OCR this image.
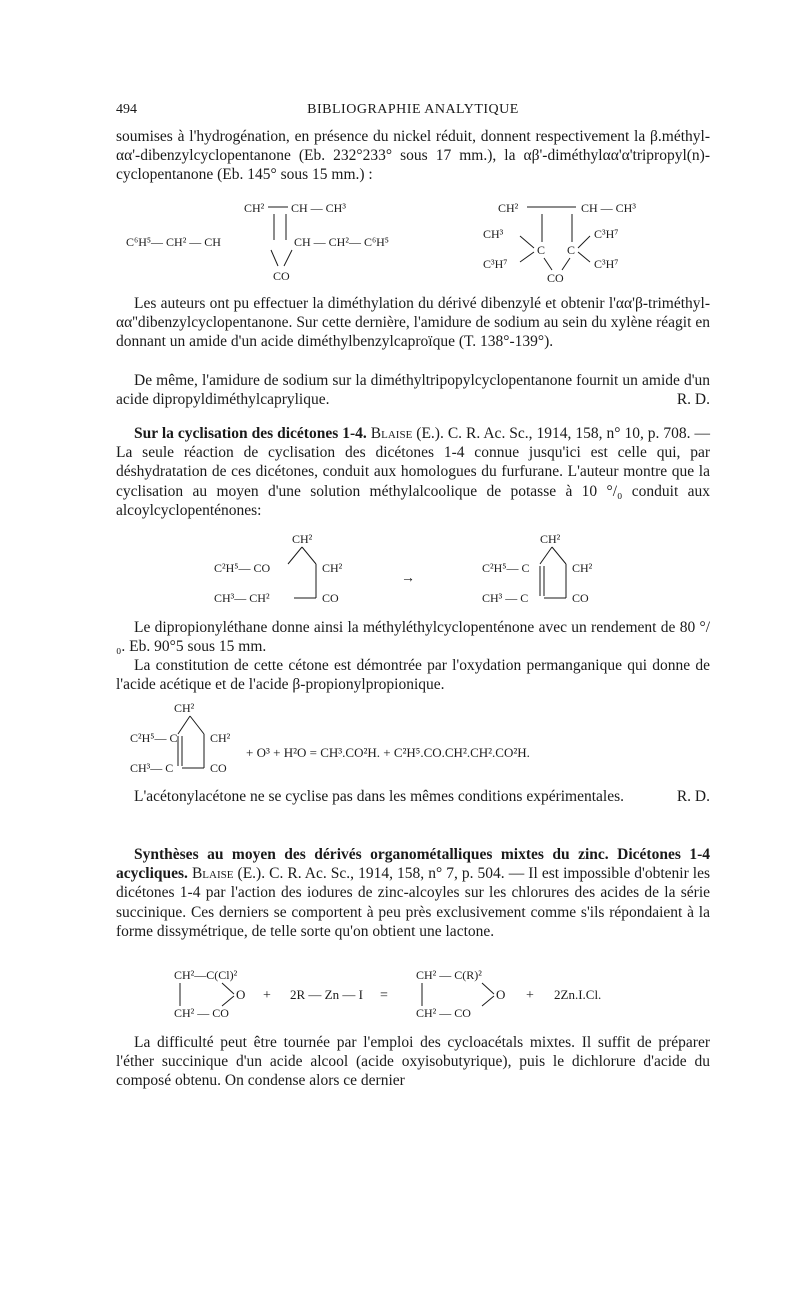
494	BIBLIOGRAPHIE ANALYTIQUE
soumises à l'hydrogénation, en présence du nickel réduit, donnent respectivement la β.méthyl-αα'-dibenzylcyclopentanone (Eb. 232°233° sous 17 mm.), la αβ'-diméthylαα'α'tripropyl(n)-cyclopentanone (Eb. 145° sous 15 mm.) :
CH² CH — CH³
C⁶H⁵— CH² — CH	CH — CH²— C⁶H⁵
CO
CH²	CH — CH³
CH³
C³H⁷
C C
C³H⁷
C³H⁷
CO
Les auteurs ont pu effectuer la diméthylation du dérivé dibenzylé et obtenir l'αα'β-triméthyl-αα''dibenzylcyclopentanone. Sur cette dernière, l'amidure de sodium au sein du xylène réagit en donnant un amide d'un acide diméthylbenzylcaproïque (T. 138°-139°).
De même, l'amidure de sodium sur la diméthyltripopylcyclopentanone fournit un amide d'un acide dipropyldiméthylcaprylique.	R. D.
Sur la cyclisation des dicétones 1-4. Blaise (E.). C. R. Ac. Sc., 1914, 158, n° 10, p. 708. — La seule réaction de cyclisation des dicétones 1-4 connue jusqu'ici est celle qui, par déshydratation de ces dicétones, conduit aux homologues du furfurane. L'auteur montre que la cyclisation au moyen d'une solution méthylalcoolique de potasse à 10 °/₀ conduit aux alcoylcyclopenténones:
CH²
C²H⁵— CO	CH²
CH³— CH²	CO
→
CH²
C²H⁵— C	CH²
CH³ — C	CO
Le dipropionyléthane donne ainsi la méthyléthylcyclopenténone avec un rendement de 80 °/₀. Eb. 90°5 sous 15 mm.
La constitution de cette cétone est démontrée par l'oxydation permanganique qui donne de l'acide acétique et de l'acide β-propionylpropionique.
CH²
C²H⁵— C	CH²
CH³— C	CO
+ O³ + H²O = CH³.CO²H. + C²H⁵.CO.CH².CH².CO²H.
L'acétonylacétone ne se cyclise pas dans les mêmes conditions expérimentales.	R. D.
Synthèses au moyen des dérivés organométalliques mixtes du zinc. Dicétones 1-4 acycliques. Blaise (E.). C. R. Ac. Sc., 1914, 158, n° 7, p. 504. — Il est impossible d'obtenir les dicétones 1-4 par l'action des iodures de zinc-alcoyles sur les chlorures des acides de la série succinique. Ces derniers se comportent à peu près exclusivement comme s'ils répondaient à la forme dissymétrique, de telle sorte qu'on obtient une lactone.
CH²—C(Cl)²
CH² — CO
O + 2R — Zn — I =
CH² — C(R)²
CH² — CO
O + 2Zn.I.Cl.
La difficulté peut être tournée par l'emploi des cycloacétals mixtes. Il suffit de préparer l'éther succinique d'un acide alcool (acide oxyisobutyrique), puis le dichlorure d'acide du composé obtenu. On condense alors ce dernier
